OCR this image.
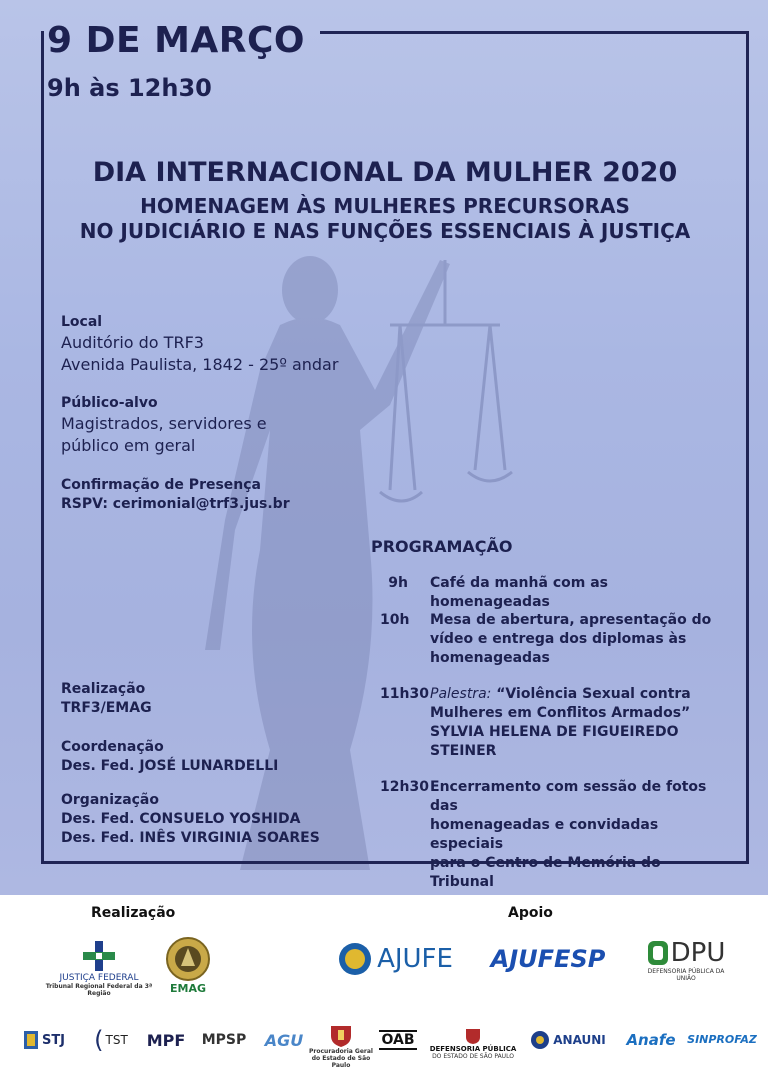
9 DE MARÇO
9h às 12h30
DIA INTERNACIONAL DA MULHER 2020
HOMENAGEM ÀS MULHERES PRECURSORAS
NO JUDICIÁRIO E NAS FUNÇÕES ESSENCIAIS À JUSTIÇA
Local
Auditório do TRF3
Avenida Paulista, 1842 - 25º andar
Público-alvo
Magistrados, servidores e
público em geral
Confirmação de Presença
RSPV: cerimonial@trf3.jus.br
Realização
TRF3/EMAG
Coordenação
Des. Fed. JOSÉ LUNARDELLI
Organização
Des. Fed. CONSUELO YOSHIDA
Des. Fed. INÊS VIRGINIA SOARES
PROGRAMAÇÃO
9h	Café da manhã com as homenageadas
10h	Mesa de abertura, apresentação do
vídeo e entrega dos diplomas às
homenageadas
11h30 Palestra: “Violência Sexual contra
Mulheres em Conflitos Armados”
SYLVIA HELENA DE FIGUEIREDO
STEINER
12h30 Encerramento com sessão de fotos das
homenageadas e convidadas especiais
para o Centro de Memória do Tribunal
Realização	Apoio
JUSTIÇA FEDERAL
Tribunal Regional Federal da 3ª Região	EMAG
AJUFE AJUFESP	DPU
DEFENSORIA PÚBLICA DA UNIÃO
STJ ( TST MPF MPSP AGU
Procuradoria Geral do Estado de São Paulo
OAB
DEFENSORIA PÚBLICA
DO ESTADO DE SÃO PAULO
ANAUNI Anafe SINPROFAZ
